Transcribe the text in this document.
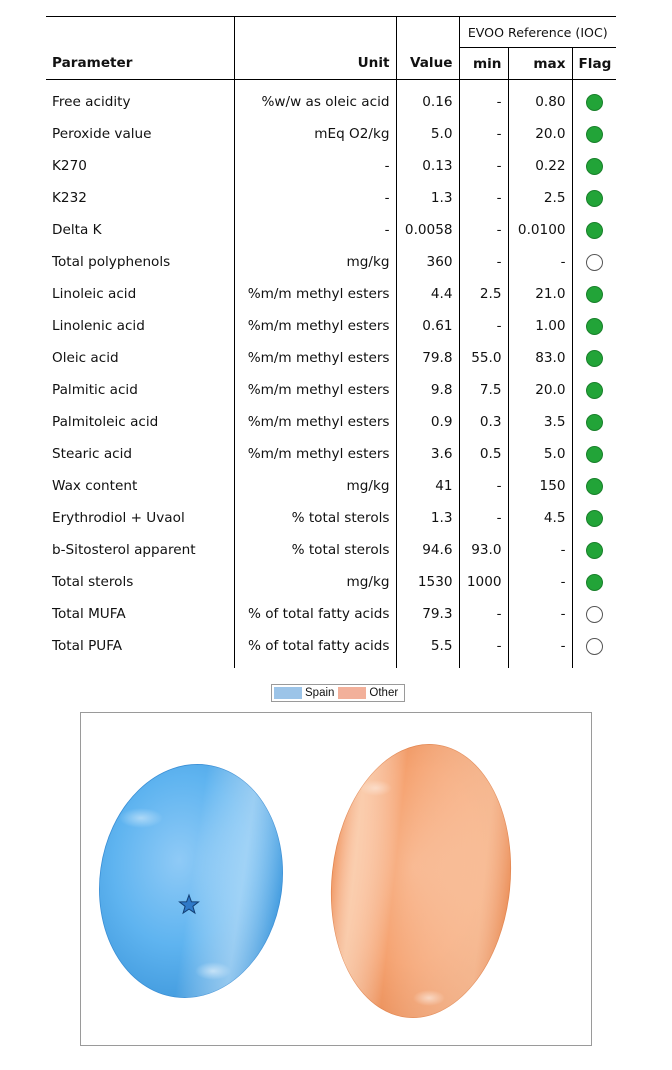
			EVOO Reference (IOC)		
Parameter	Unit	Value	min	max	Flag

Free acidity	%w/w as oleic acid	0.16	-	0.80	
Peroxide value	mEq O2/kg	5.0	-	20.0	
K270	-	0.13	-	0.22	
K232	-	1.3	-	2.5	
Delta K	-	0.0058	-	0.0100	
Total polyphenols	mg/kg	360	-	-	
Linoleic acid	%m/m methyl esters	4.4	2.5	21.0	
Linolenic acid	%m/m methyl esters	0.61	-	1.00	
Oleic acid	%m/m methyl esters	79.8	55.0	83.0	
Palmitic acid	%m/m methyl esters	9.8	7.5	20.0	
Palmitoleic acid	%m/m methyl esters	0.9	0.3	3.5	
Stearic acid	%m/m methyl esters	3.6	0.5	5.0	
Wax content	mg/kg	41	-	150	
Erythrodiol + Uvaol	% total sterols	1.3	-	4.5	
b-Sitosterol apparent	% total sterols	94.6	93.0	-	
Total sterols	mg/kg	1530	1000	-	
Total MUFA	% of total fatty acids	79.3	-	-	
Total PUFA	% of total fatty acids	5.5	-	-	

Spain	Other
